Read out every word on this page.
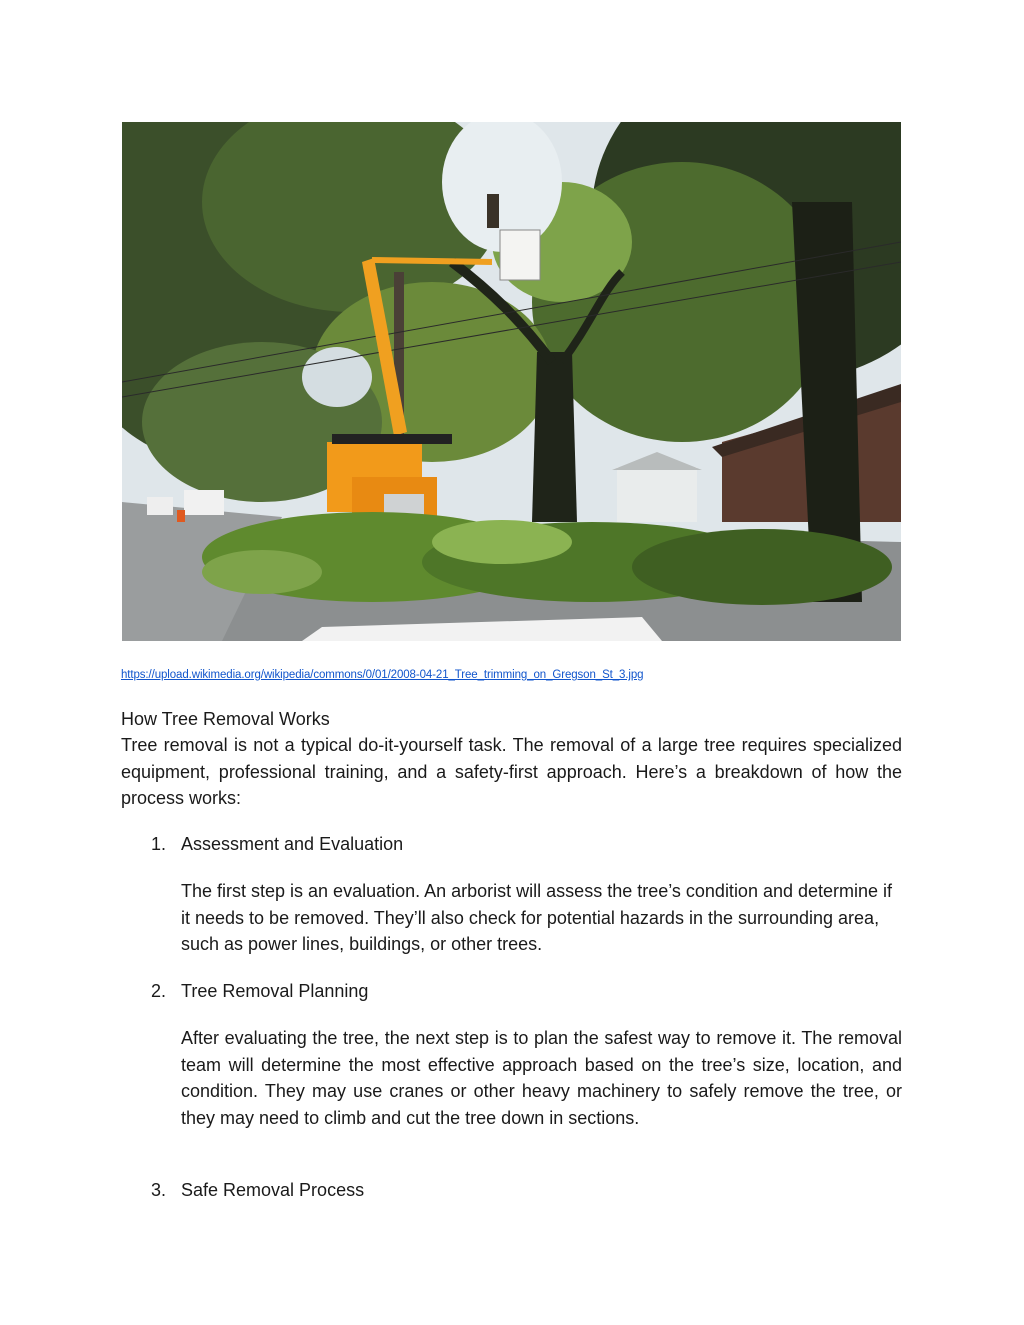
https://upload.wikimedia.org/wikipedia/commons/0/01/2008-04-21_Tree_trimming_on_Gregson_St_3.jpg
How Tree Removal Works
Tree removal is not a typical do-it-yourself task. The removal of a large tree requires specialized equipment, professional training, and a safety-first approach. Here’s a breakdown of how the process works:
1. Assessment and Evaluation
The first step is an evaluation. An arborist will assess the tree’s condition and determine if it needs to be removed. They’ll also check for potential hazards in the surrounding area, such as power lines, buildings, or other trees.
2. Tree Removal Planning
After evaluating the tree, the next step is to plan the safest way to remove it. The removal team will determine the most effective approach based on the tree’s size, location, and condition. They may use cranes or other heavy machinery to safely remove the tree, or they may need to climb and cut the tree down in sections.
3. Safe Removal Process
